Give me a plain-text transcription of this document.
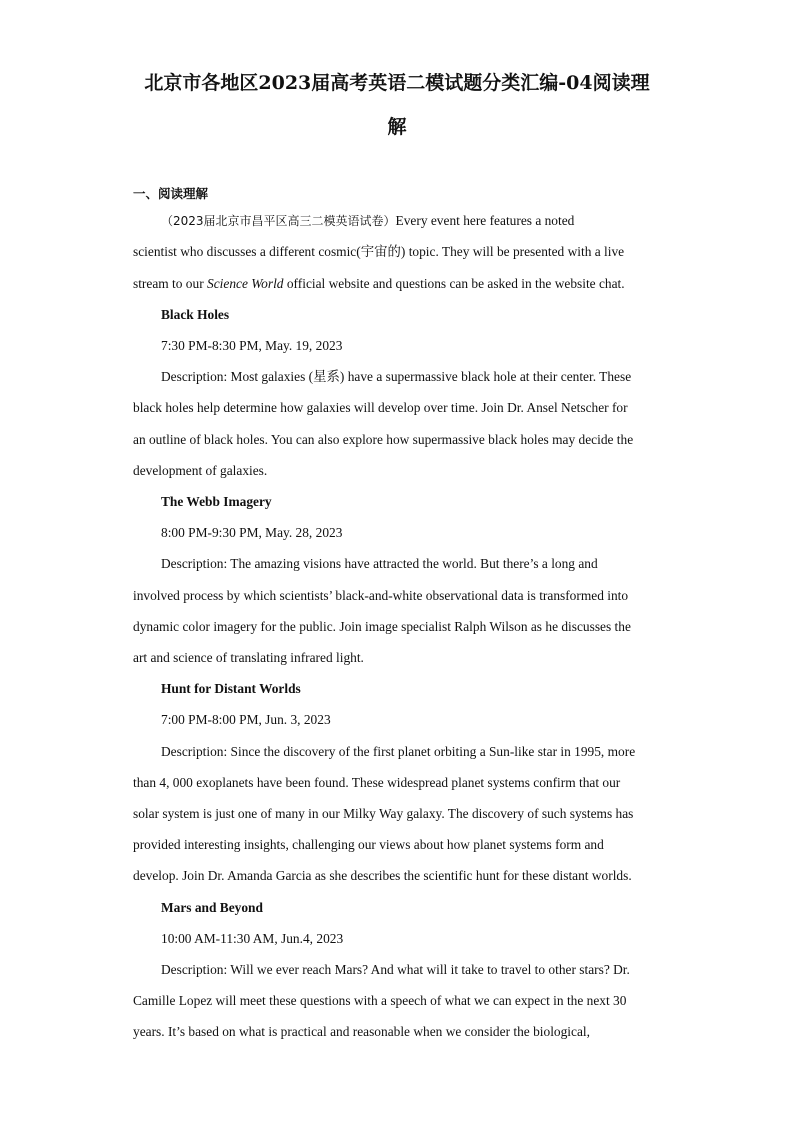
北京市各地区2023届高考英语二模试题分类汇编-04阅读理
解
一、阅读理解
（2023届北京市昌平区高三二模英语试卷）Every event here features a noted
scientist who discusses a different cosmic(宇宙的) topic. They will be presented with a live
stream to our Science World official website and questions can be asked in the website chat.
Black Holes
7:30 PM-8:30 PM, May. 19, 2023
Description: Most galaxies (星系) have a supermassive black hole at their center. These
black holes help determine how galaxies will develop over time. Join Dr. Ansel Netscher for
an outline of black holes. You can also explore how supermassive black holes may decide the
development of galaxies.
The Webb Imagery
8:00 PM-9:30 PM, May. 28, 2023
Description: The amazing visions have attracted the world. But there’s a long and
involved process by which scientists’ black-and-white observational data is transformed into
dynamic color imagery for the public. Join image specialist Ralph Wilson as he discusses the
art and science of translating infrared light.
Hunt for Distant Worlds
7:00 PM-8:00 PM, Jun. 3, 2023
Description: Since the discovery of the first planet orbiting a Sun-like star in 1995, more
than 4, 000 exoplanets have been found. These widespread planet systems confirm that our
solar system is just one of many in our Milky Way galaxy. The discovery of such systems has
provided interesting insights, challenging our views about how planet systems form and
develop. Join Dr. Amanda Garcia as she describes the scientific hunt for these distant worlds.
Mars and Beyond
10:00 AM-11:30 AM, Jun.4, 2023
Description: Will we ever reach Mars? And what will it take to travel to other stars? Dr.
Camille Lopez will meet these questions with a speech of what we can expect in the next 30
years. It’s based on what is practical and reasonable when we consider the biological,
